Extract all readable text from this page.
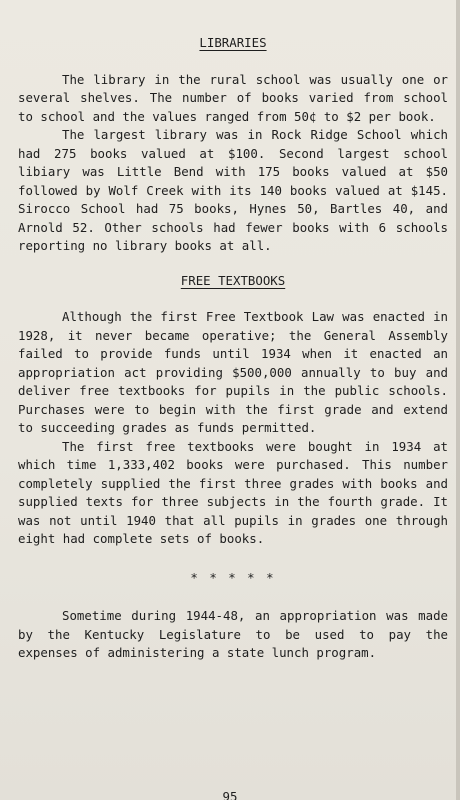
LIBRARIES

The library in the rural school was usually one or several shelves. The number of books varied from school to school and the values ranged from 50¢ to $2 per book.

The largest library was in Rock Ridge School which had 275 books valued at $100. Second largest school libiary was Little Bend with 175 books valued at $50 followed by Wolf Creek with its 140 books valued at $145. Sirocco School had 75 books, Hynes 50, Bartles 40, and Arnold 52. Other schools had fewer books with 6 schools reporting no library books at all.

FREE TEXTBOOKS

Although the first Free Textbook Law was enacted in 1928, it never became operative; the General Assembly failed to provide funds until 1934 when it enacted an appropriation act providing $500,000 annually to buy and deliver free textbooks for pupils in the public schools. Purchases were to begin with the first grade and extend to succeeding grades as funds permitted.

The first free textbooks were bought in 1934 at which time 1,333,402 books were purchased. This number completely supplied the first three grades with books and supplied texts for three subjects in the fourth grade. It was not until 1940 that all pupils in grades one through eight had complete sets of books.

* * * * *

Sometime during 1944-48, an appropriation was made by the Kentucky Legislature to be used to pay the expenses of administering a state lunch program.

95
